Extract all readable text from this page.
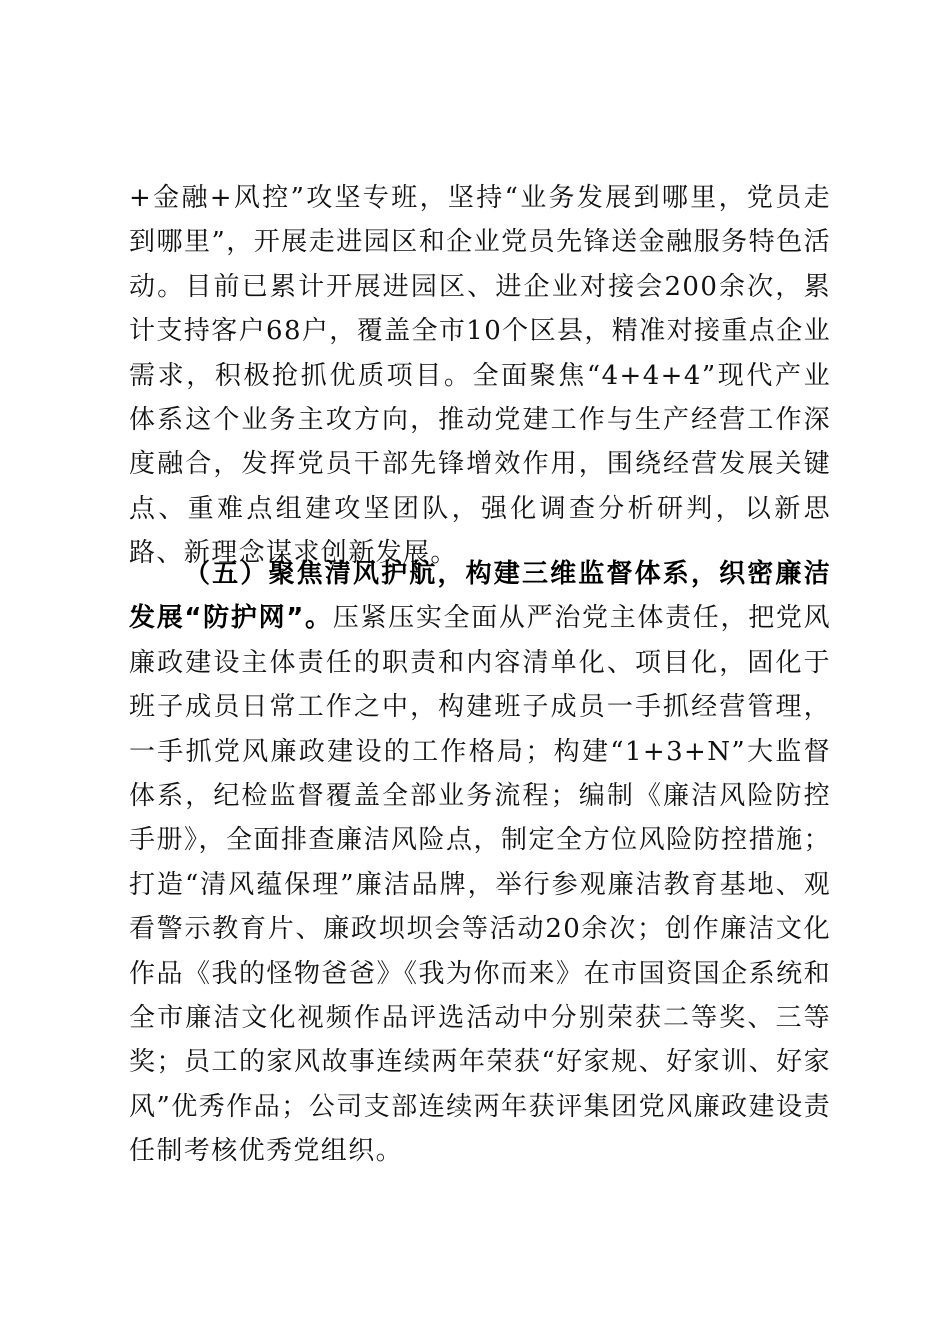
+金融+风控”攻坚专班，坚持“业务发展到哪里，党员走到哪里”，开展走进园区和企业党员先锋送金融服务特色活动。目前已累计开展进园区、进企业对接会200余次，累计支持客户68户，覆盖全市10个区县，精准对接重点企业需求，积极抢抓优质项目。全面聚焦“4+4+4”现代产业体系这个业务主攻方向，推动党建工作与生产经营工作深度融合，发挥党员干部先锋增效作用，围绕经营发展关键点、重难点组建攻坚团队，强化调查分析研判，以新思路、新理念谋求创新发展。

（五）聚焦清风护航，构建三维监督体系，织密廉洁发展“防护网”。压紧压实全面从严治党主体责任，把党风廉政建设主体责任的职责和内容清单化、项目化，固化于班子成员日常工作之中，构建班子成员一手抓经营管理，一手抓党风廉政建设的工作格局；构建“1+3+N”大监督体系，纪检监督覆盖全部业务流程；编制《廉洁风险防控手册》，全面排查廉洁风险点，制定全方位风险防控措施；打造“清风蕴保理”廉洁品牌，举行参观廉洁教育基地、观看警示教育片、廉政坝坝会等活动20余次；创作廉洁文化作品《我的怪物爸爸》《我为你而来》在市国资国企系统和全市廉洁文化视频作品评选活动中分别荣获二等奖、三等奖；员工的家风故事连续两年荣获“好家规、好家训、好家风”优秀作品；公司支部连续两年获评集团党风廉政建设责任制考核优秀党组织。
